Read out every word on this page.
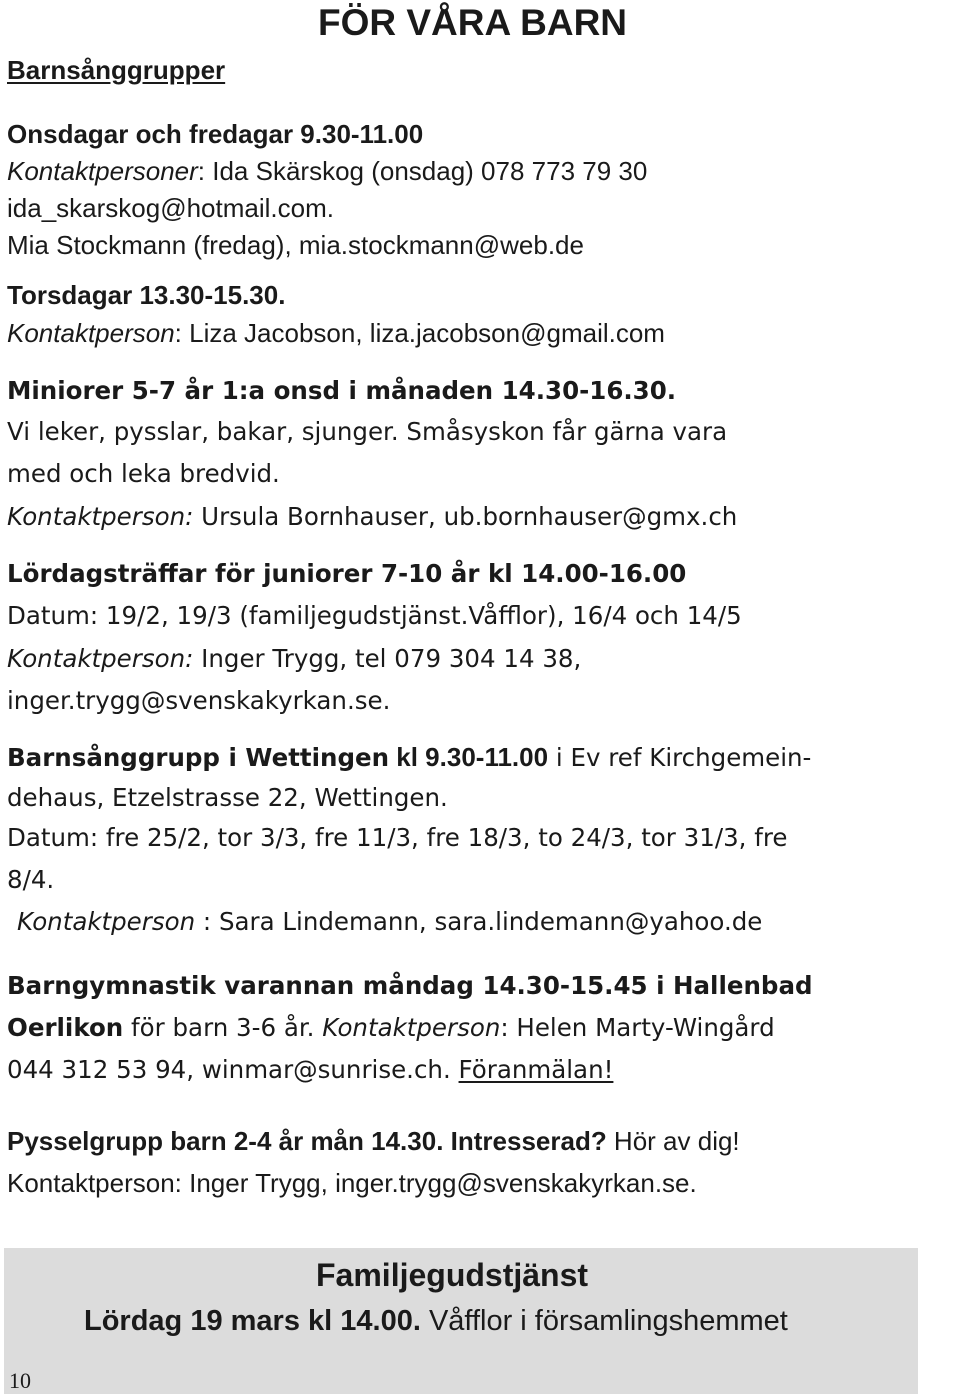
FÖR VÅRA BARN
Barnsånggrupper
Onsdagar och fredagar 9.30-11.00
Kontaktpersoner: Ida Skärskog (onsdag) 078 773 79 30
ida_skarskog@hotmail.com.
Mia Stockmann (fredag), mia.stockmann@web.de
Torsdagar 13.30-15.30.
Kontaktperson: Liza Jacobson, liza.jacobson@gmail.com
Miniorer 5-7 år 1:a onsd i månaden 14.30-16.30.
Vi leker, pysslar, bakar, sjunger. Småsyskon får gärna vara
med och leka bredvid.
Kontaktperson: Ursula Bornhauser, ub.bornhauser@gmx.ch
Lördagsträffar för juniorer 7-10 år kl 14.00-16.00
Datum: 19/2, 19/3 (familjegudstjänst.Våfflor), 16/4 och 14/5
Kontaktperson: Inger Trygg, tel 079 304 14 38,
inger.trygg@svenskakyrkan.se.
Barnsånggrupp i Wettingen kl 9.30-11.00 i Ev ref Kirchgemein-
dehaus, Etzelstrasse 22, Wettingen.
Datum: fre 25/2, tor 3/3, fre 11/3, fre 18/3, to 24/3, tor 31/3, fre
8/4.
Kontaktperson : Sara Lindemann, sara.lindemann@yahoo.de
Barngymnastik varannan måndag 14.30-15.45 i Hallenbad
Oerlikon för barn 3-6 år. Kontaktperson: Helen Marty-Wingård
044 312 53 94, winmar@sunrise.ch. Föranmälan!
Pysselgrupp barn 2-4 år mån 14.30. Intresserad? Hör av dig!
Kontaktperson: Inger Trygg, inger.trygg@svenskakyrkan.se.
Familjegudstjänst
Lördag 19 mars kl 14.00. Våfflor i församlingshemmet
10
